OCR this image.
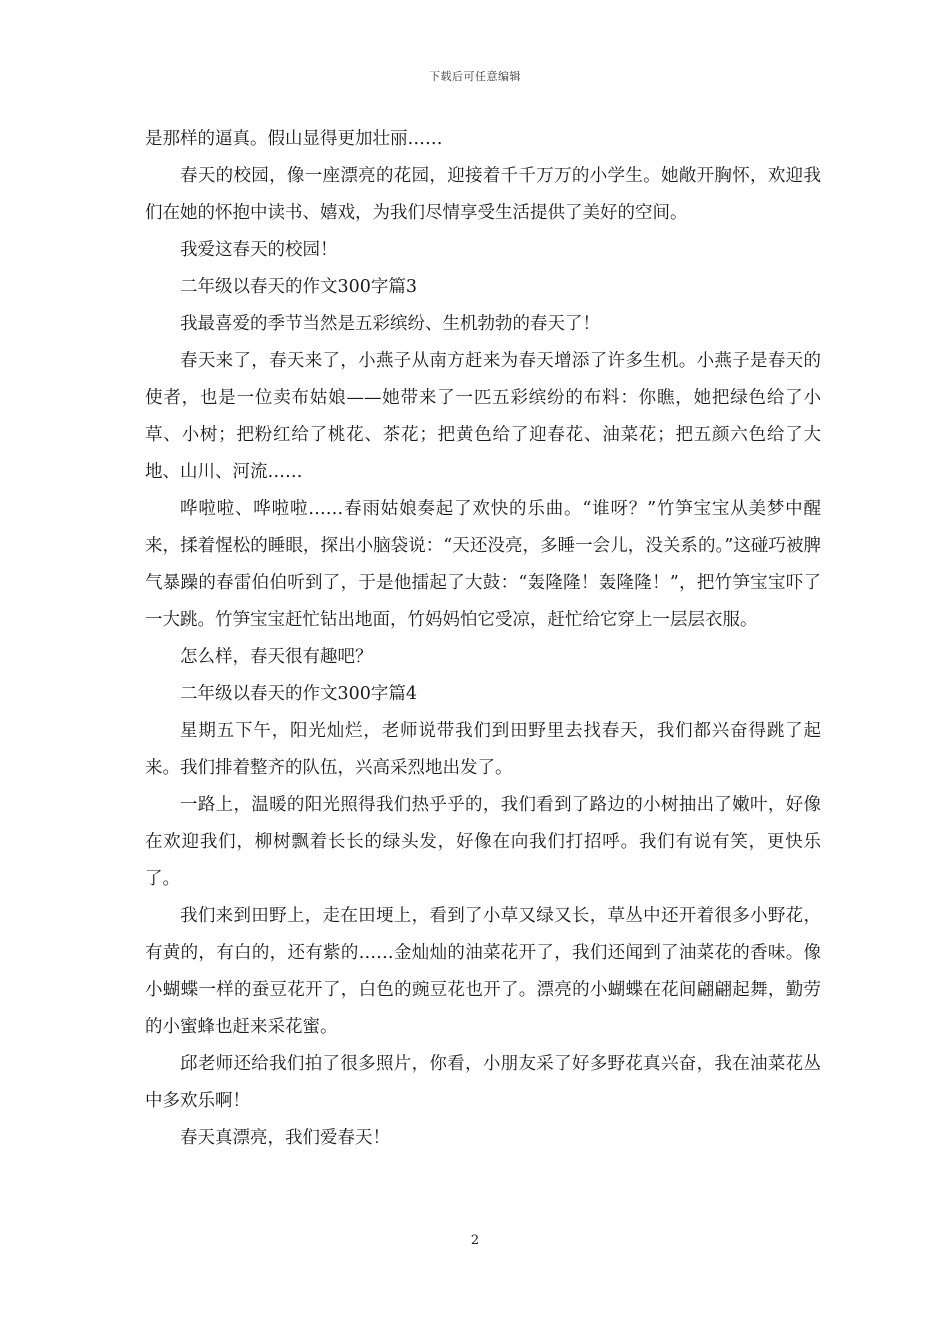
下载后可任意编辑

是那样的逼真。假山显得更加壮丽……

春天的校园，像一座漂亮的花园，迎接着千千万万的小学生。她敞开胸怀，欢迎我们在她的怀抱中读书、嬉戏，为我们尽情享受生活提供了美好的空间。

我爱这春天的校园！

二年级以春天的作文300字篇3

我最喜爱的季节当然是五彩缤纷、生机勃勃的春天了！

春天来了，春天来了，小燕子从南方赶来为春天增添了许多生机。小燕子是春天的使者，也是一位卖布姑娘——她带来了一匹五彩缤纷的布料：你瞧，她把绿色给了小草、小树；把粉红给了桃花、茶花；把黄色给了迎春花、油菜花；把五颜六色给了大地、山川、河流……

哗啦啦、哗啦啦……春雨姑娘奏起了欢快的乐曲。“谁呀？”竹笋宝宝从美梦中醒来，揉着惺松的睡眼，探出小脑袋说：“天还没亮，多睡一会儿，没关系的。”这碰巧被脾气暴躁的春雷伯伯听到了，于是他擂起了大鼓：“轰隆隆！轰隆隆！”，把竹笋宝宝吓了一大跳。竹笋宝宝赶忙钻出地面，竹妈妈怕它受凉，赶忙给它穿上一层层衣服。

怎么样，春天很有趣吧？

二年级以春天的作文300字篇4

星期五下午，阳光灿烂，老师说带我们到田野里去找春天，我们都兴奋得跳了起来。我们排着整齐的队伍，兴高采烈地出发了。

一路上，温暖的阳光照得我们热乎乎的，我们看到了路边的小树抽出了嫩叶，好像在欢迎我们，柳树飘着长长的绿头发，好像在向我们打招呼。我们有说有笑，更快乐了。

我们来到田野上，走在田埂上，看到了小草又绿又长，草丛中还开着很多小野花，有黄的，有白的，还有紫的……金灿灿的油菜花开了，我们还闻到了油菜花的香味。像小蝴蝶一样的蚕豆花开了，白色的豌豆花也开了。漂亮的小蝴蝶在花间翩翩起舞，勤劳的小蜜蜂也赶来采花蜜。

邱老师还给我们拍了很多照片，你看，小朋友采了好多野花真兴奋，我在油菜花丛中多欢乐啊！

春天真漂亮，我们爱春天！

2
